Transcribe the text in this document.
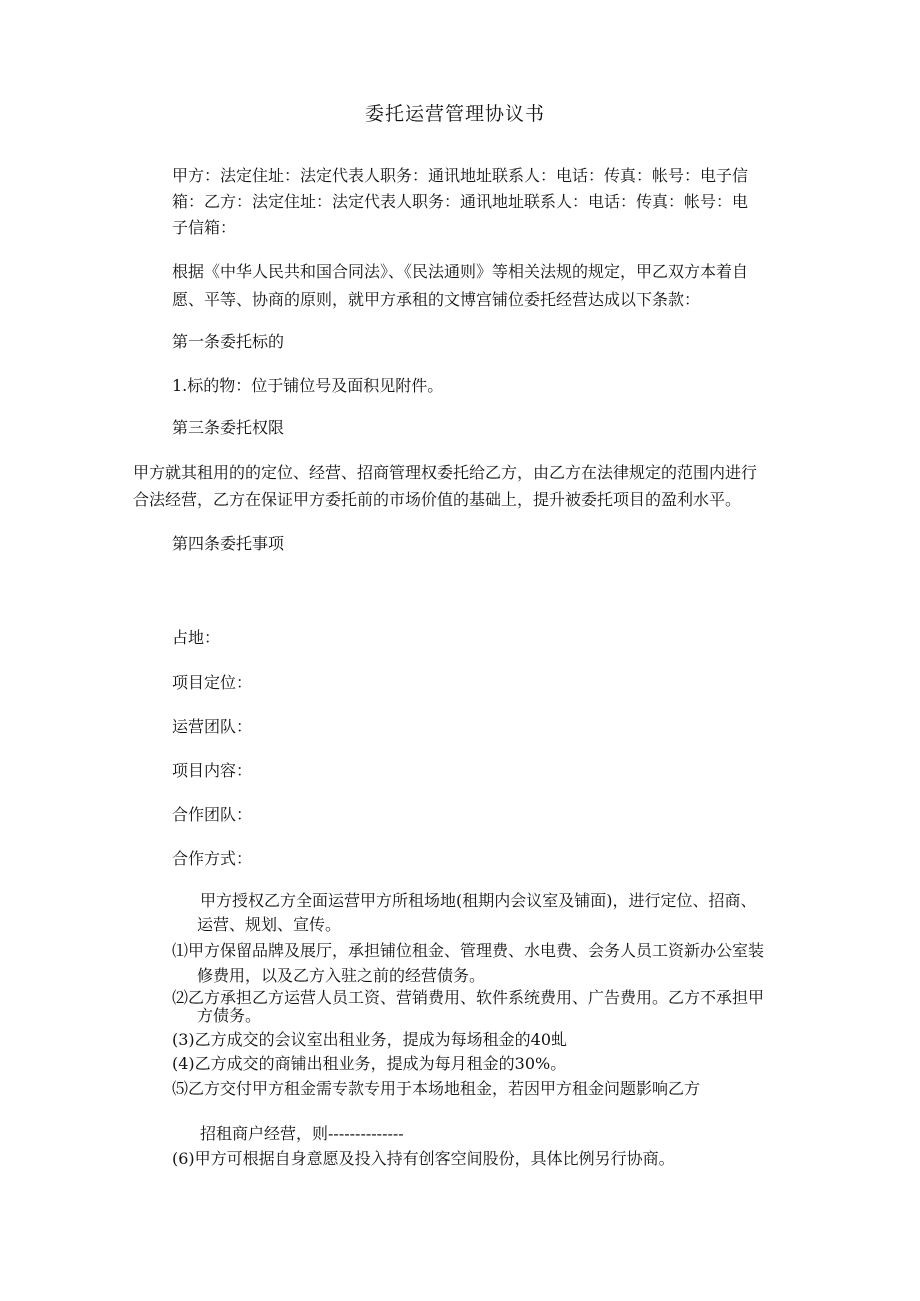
委托运营管理协议书
甲方：法定住址：法定代表人职务：通讯地址联系人：电话：传真：帐号：电子信
箱：乙方：法定住址：法定代表人职务：通讯地址联系人：电话：传真：帐号：电
子信箱：
根据《中华人民共和国合同法》、《民法通则》等相关法规的规定，甲乙双方本着自
愿、平等、协商的原则，就甲方承租的文博宫铺位委托经营达成以下条款：
第一条委托标的
1.标的物：位于铺位号及面积见附件。
第三条委托权限
甲方就其租用的的定位、经营、招商管理权委托给乙方，由乙方在法律规定的范围内进行
合法经营，乙方在保证甲方委托前的市场价值的基础上，提升被委托项目的盈利水平。
第四条委托事项
占地：
项目定位：
运营团队：
项目内容：
合作团队：
合作方式：
甲方授权乙方全面运营甲方所租场地(租期内会议室及铺面)，进行定位、招商、
运营、规划、宣传。
⑴甲方保留品牌及展厅，承担铺位租金、管理费、水电费、会务人员工资新办公室装
修费用，以及乙方入驻之前的经营债务。
⑵乙方承担乙方运营人员工资、营销费用、软件系统费用、广告费用。乙方不承担甲
方债务。
(3)乙方成交的会议室出租业务，提成为每场租金的40虬
(4)乙方成交的商铺出租业务，提成为每月租金的30%。
⑸乙方交付甲方租金需专款专用于本场地租金，若因甲方租金问题影响乙方
招租商户经营，则--------------
(6)甲方可根据自身意愿及投入持有创客空间股份，具体比例另行协商。
